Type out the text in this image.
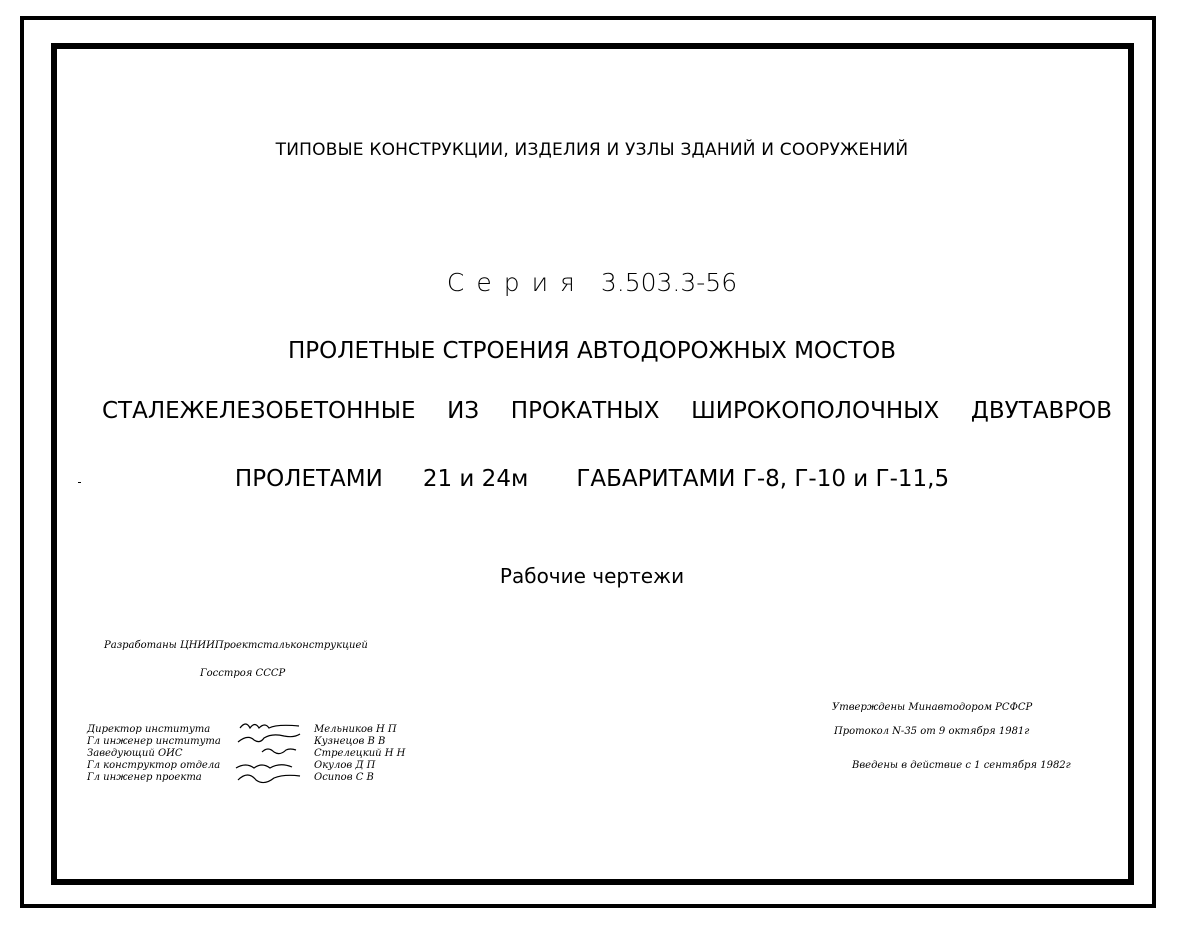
ТИПОВЫЕ КОНСТРУКЦИИ, ИЗДЕЛИЯ И УЗЛЫ ЗДАНИЙ И СООРУЖЕНИЙ
Серия 3.503.3-56
ПРОЛЕТНЫЕ СТРОЕНИЯ АВТОДОРОЖНЫХ МОСТОВ
СТАЛЕЖЕЛЕЗОБЕТОННЫЕ ИЗ ПРОКАТНЫХ ШИРОКОПОЛОЧНЫХ ДВУТАВРОВ
ПРОЛЕТАМИ 21 и 24м ГАБАРИТАМИ Г-8, Г-10 и Г-11,5
Рабочие чертежи
Разработаны ЦНИИПроектстальконструкцией
Госстроя СССР
Директор института
Гл инженер института
Заведующий ОИС
Гл конструктор отдела
Гл инженер проекта
Мельников Н П
Кузнецов В В
Стрелецкий Н Н
Окулов Д П
Осипов С В
Утверждены Минавтодором РСФСР
Протокол N-35 от 9 октября 1981г
Введены в действие с 1 сентября 1982г
